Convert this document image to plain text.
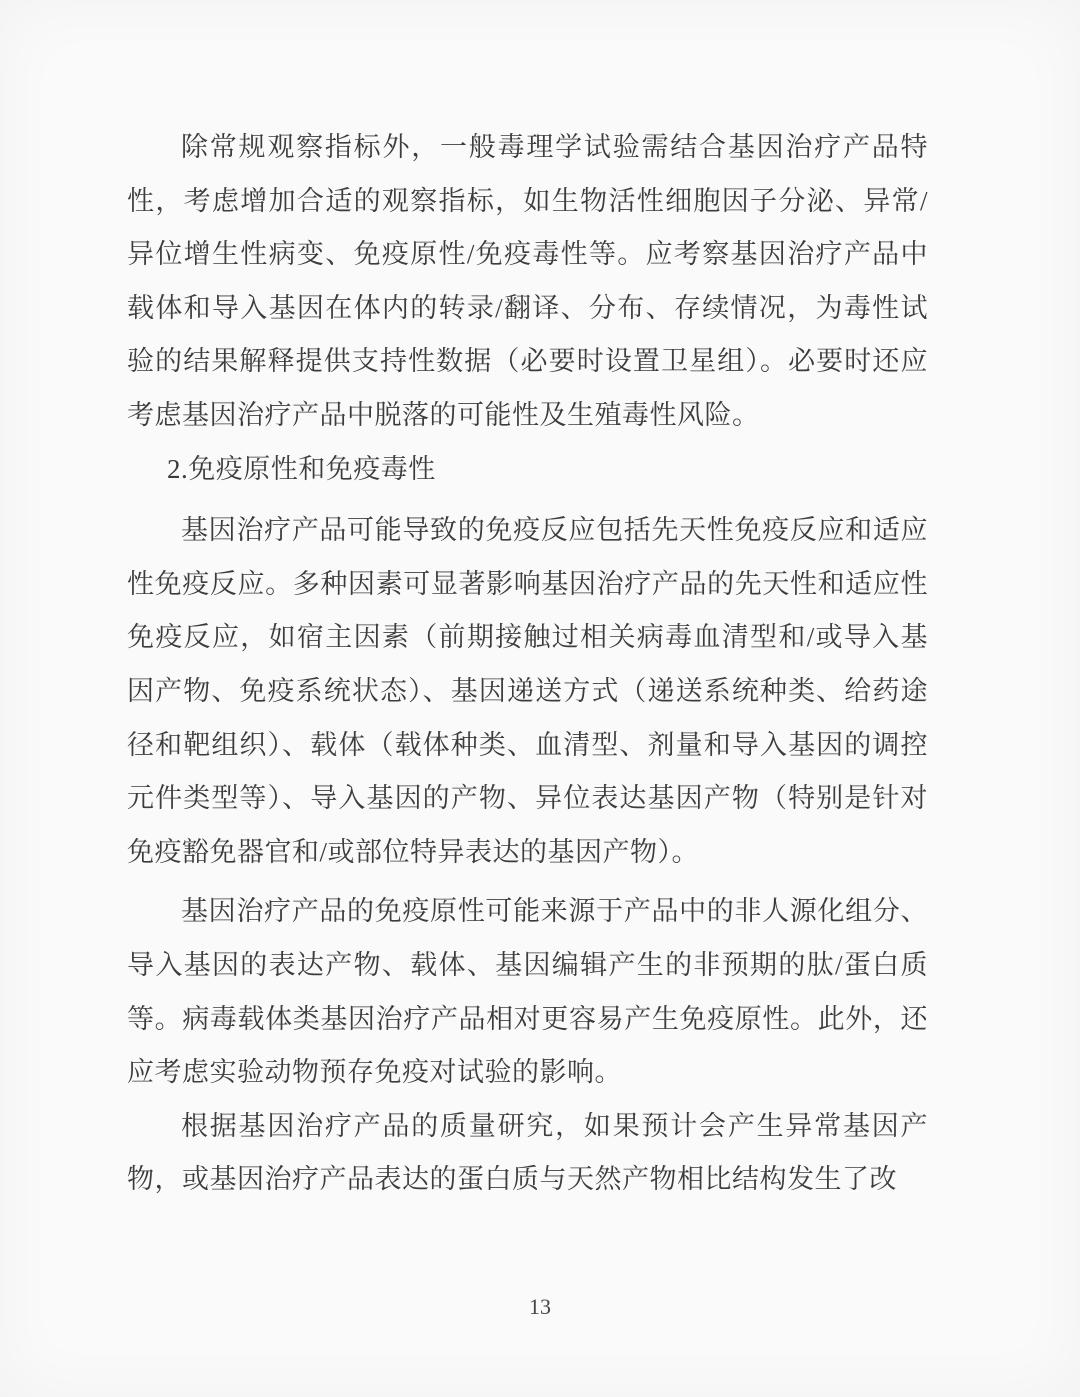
除常规观察指标外，一般毒理学试验需结合基因治疗产品特
性，考虑增加合适的观察指标，如生物活性细胞因子分泌、异常/
异位增生性病变、免疫原性/免疫毒性等。应考察基因治疗产品中
载体和导入基因在体内的转录/翻译、分布、存续情况，为毒性试
验的结果解释提供支持性数据（必要时设置卫星组）。必要时还应
考虑基因治疗产品中脱落的可能性及生殖毒性风险。
2.免疫原性和免疫毒性
基因治疗产品可能导致的免疫反应包括先天性免疫反应和适应
性免疫反应。多种因素可显著影响基因治疗产品的先天性和适应性
免疫反应，如宿主因素（前期接触过相关病毒血清型和/或导入基
因产物、免疫系统状态）、基因递送方式（递送系统种类、给药途
径和靶组织）、载体（载体种类、血清型、剂量和导入基因的调控
元件类型等）、导入基因的产物、异位表达基因产物（特别是针对
免疫豁免器官和/或部位特异表达的基因产物）。
基因治疗产品的免疫原性可能来源于产品中的非人源化组分、
导入基因的表达产物、载体、基因编辑产生的非预期的肽/蛋白质
等。病毒载体类基因治疗产品相对更容易产生免疫原性。此外，还
应考虑实验动物预存免疫对试验的影响。
根据基因治疗产品的质量研究，如果预计会产生异常基因产
物，或基因治疗产品表达的蛋白质与天然产物相比结构发生了改
13
